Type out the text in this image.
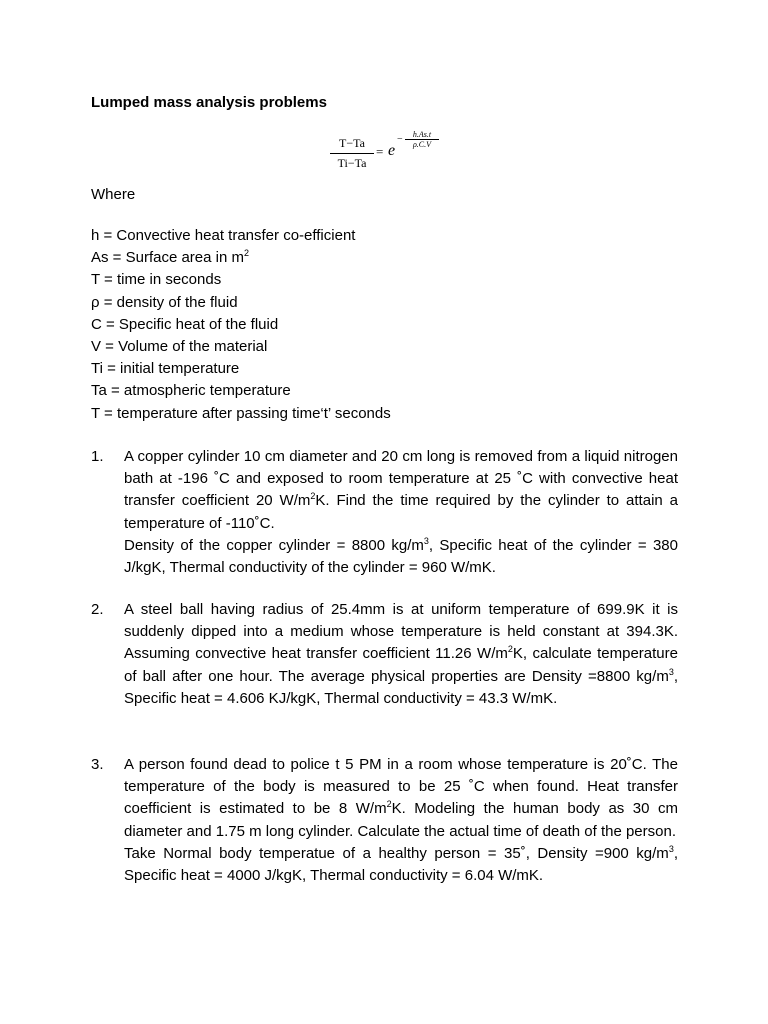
Lumped mass analysis problems
$\frac{T-Ta}{Ti-Ta} = e$
−	h.As.t
ρ.C.V
Where
h = Convective heat transfer co-efficient
As = Surface area in $m^2$
T = time in seconds
ρ = density of the fluid
C = Specific heat of the fluid
V = Volume of the material
Ti = initial temperature
Ta = atmospheric temperature
T = temperature after passing time‘t’ seconds
1. A copper cylinder 10 cm diameter and 20 cm long is removed from a liquid nitrogen bath at -196 ˚C and exposed to room temperature at 25 ˚C with convective heat transfer coefficient 20 $W/m^2K$. Find the time required by the cylinder to attain a temperature of -110˚C.

Density of the copper cylinder = 8800 $kg/m^3$, Specific heat of the cylinder = 380 J/kgK, Thermal conductivity of the cylinder = 960 W/mK.

2. A steel ball having radius of 25.4mm is at uniform temperature of 699.9K it is suddenly dipped into a medium whose temperature is held constant at 394.3K. Assuming convective heat transfer coefficient 11.26 $W/m^2K$, calculate temperature of ball after one hour. The average physical properties are Density =8800 $kg/m^3$, Specific heat = 4.606 KJ/kgK, Thermal conductivity = 43.3 W/mK.

3. A person found dead to police t 5 PM in a room whose temperature is 20˚C. The temperature of the body is measured to be 25 ˚C when found. Heat transfer coefficient is estimated to be 8 $W/m^2K$. Modeling the human body as 30 cm diameter and 1.75 m long cylinder. Calculate the actual time of death of the person.

Take Normal body temperatue of a healthy person = 35˚, Density =900 $kg/m^3$, Specific heat = 4000 J/kgK, Thermal conductivity = 6.04 W/mK.
